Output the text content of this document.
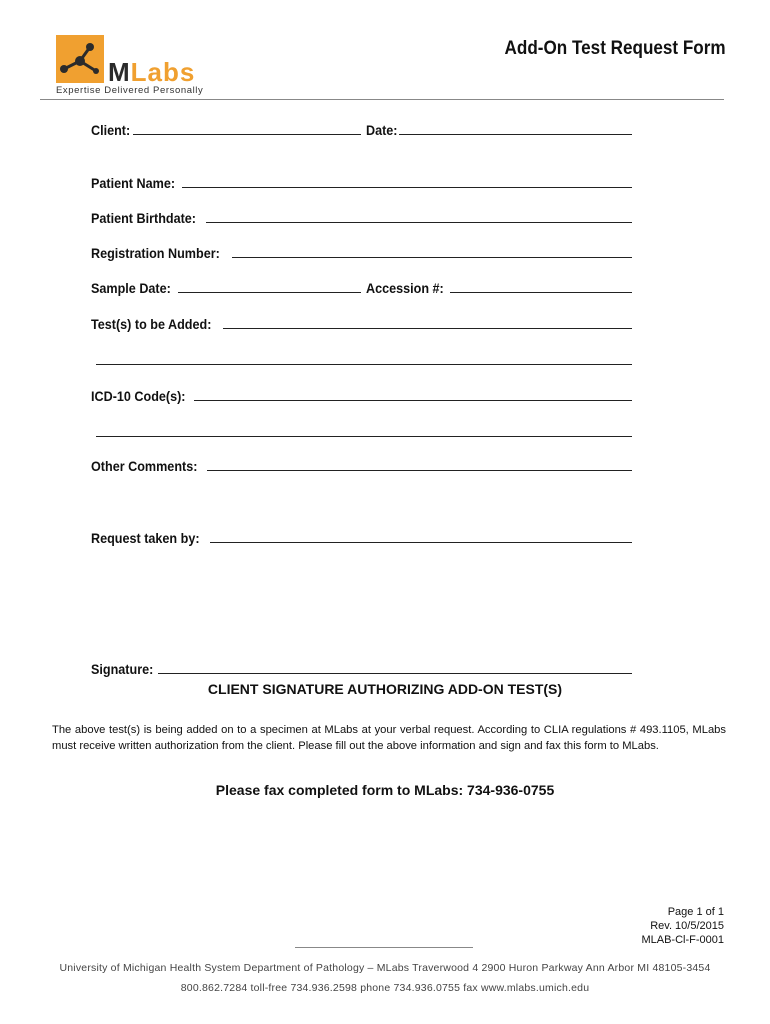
MLabs
Expertise Delivered Personally
Add-On Test Request Form
Client:	Date:
Patient Name:
Patient Birthdate:
Registration Number:
Sample Date:	Accession #:
Test(s) to be Added:
ICD-10 Code(s):
Other Comments:
Request taken by:
Signature:
CLIENT SIGNATURE AUTHORIZING ADD-ON TEST(S)
The above test(s) is being added on to a specimen at MLabs at your verbal request. According to CLIA regulations # 493.1105, MLabs must receive written authorization from the client. Please fill out the above information and sign and fax this form to MLabs.
Please fax completed form to MLabs: 734-936-0755
Page 1 of 1
Rev. 10/5/2015
MLAB-Cl-F-0001
University of Michigan Health System Department of Pathology – MLabs Traverwood 4 2900 Huron Parkway Ann Arbor MI 48105-3454
800.862.7284 toll-free 734.936.2598 phone 734.936.0755 fax www.mlabs.umich.edu
